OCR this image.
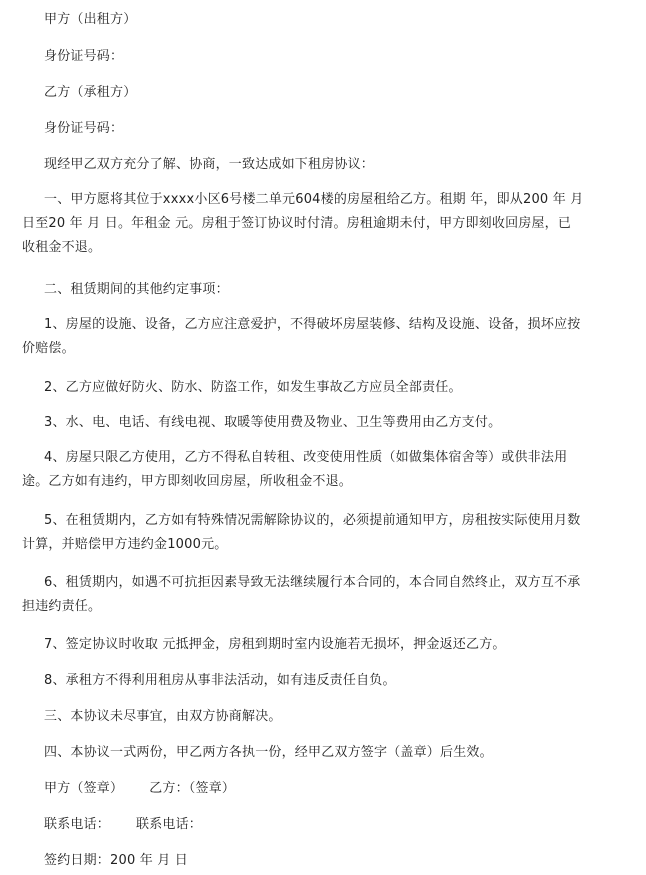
甲方（出租方）
身份证号码：
乙方（承租方）
身份证号码：
现经甲乙双方充分了解、协商，一致达成如下租房协议：
一、甲方愿将其位于xxxx小区6号楼二单元604楼的房屋租给乙方。租期 年，即从200 年 月
日至20 年 月 日。年租金 元。房租于签订协议时付清。房租逾期未付，甲方即刻收回房屋，已
收租金不退。
二、租赁期间的其他约定事项：
1、房屋的设施、设备，乙方应注意爱护，不得破坏房屋装修、结构及设施、设备，损坏应按
价赔偿。
2、乙方应做好防火、防水、防盗工作，如发生事故乙方应员全部责任。
3、水、电、电话、有线电视、取暖等使用费及物业、卫生等费用由乙方支付。
4、房屋只限乙方使用，乙方不得私自转租、改变使用性质（如做集体宿舍等）或供非法用
途。乙方如有违约，甲方即刻收回房屋，所收租金不退。
5、在租赁期内，乙方如有特殊情况需解除协议的，必须提前通知甲方，房租按实际使用月数
计算，并赔偿甲方违约金1000元。
6、租赁期内，如遇不可抗拒因素导致无法继续履行本合同的，本合同自然终止，双方互不承
担违约责任。
7、签定协议时收取 元抵押金，房租到期时室内设施若无损坏，押金返还乙方。
8、承租方不得利用租房从事非法活动，如有违反责任自负。
三、本协议未尽事宜，由双方协商解决。
四、本协议一式两份，甲乙两方各执一份，经甲乙双方签字（盖章）后生效。
甲方（签章）      乙方：（签章）
联系电话：      联系电话：
签约日期：200 年 月 日
